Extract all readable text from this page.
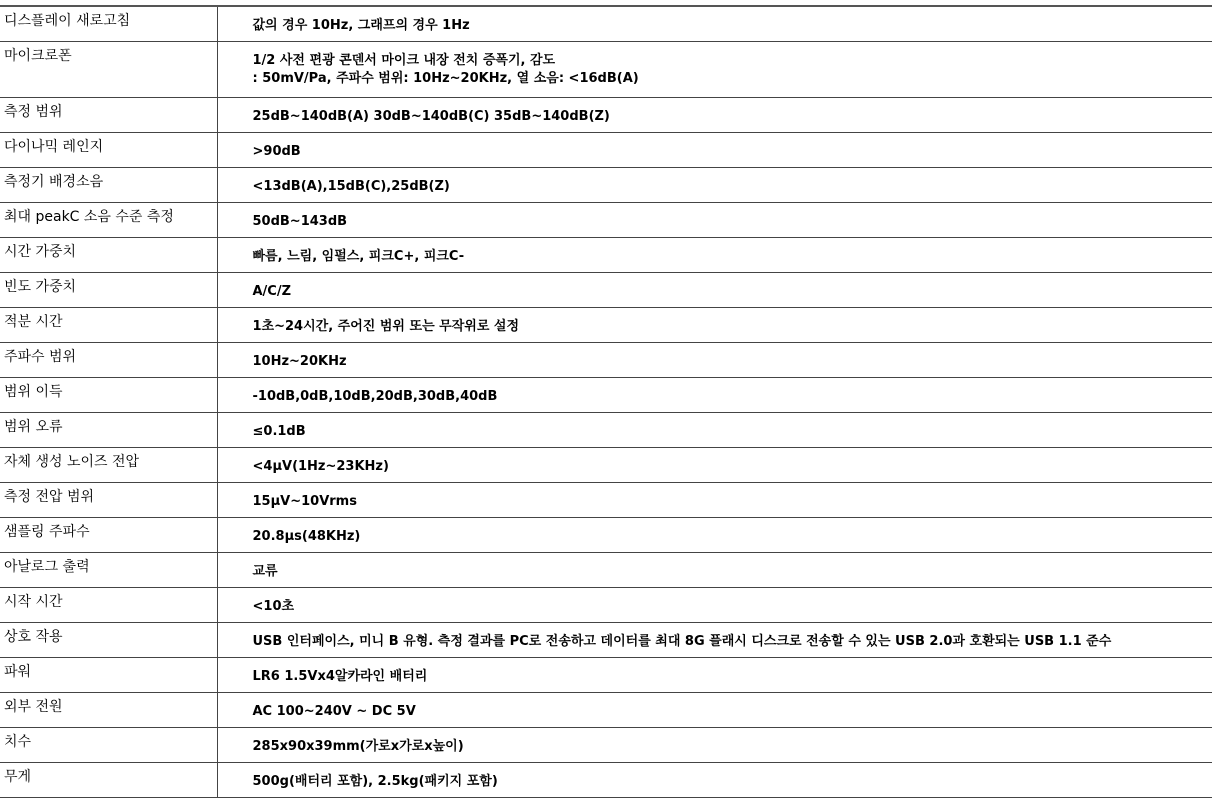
디스플레이 새로고침	값의 경우 10Hz, 그래프의 경우 1Hz
마이크로폰	1/2 사전 편광 콘덴서 마이크 내장 전치 증폭기, 감도
: 50mV/Pa, 주파수 범위: 10Hz~20KHz, 열 소음: <16dB(A)

측정 범위	25dB~140dB(A) 30dB~140dB(C) 35dB~140dB(Z)
다이나믹 레인지	>90dB
측정기 배경소음	<13dB(A),15dB(C),25dB(Z)
최대 peakC 소음 수준 측정	50dB~143dB
시간 가중치	빠름, 느림, 임펄스, 피크C+, 피크C-
빈도 가중치	A/C/Z
적분 시간	1초~24시간, 주어진 범위 또는 무작위로 설정
주파수 범위	10Hz~20KHz
범위 이득	-10dB,0dB,10dB,20dB,30dB,40dB
범위 오류	≤0.1dB
자체 생성 노이즈 전압	<4μV(1Hz~23KHz)
측정 전압 범위	15μV~10Vrms
샘플링 주파수	20.8μs(48KHz)
아날로그 출력	교류
시작 시간	<10초
상호 작용	USB 인터페이스, 미니 B 유형. 측정 결과를 PC로 전송하고 데이터를 최대 8G 플래시 디스크로 전송할 수 있는 USB 2.0과 호환되는 USB 1.1 준수
파워	LR6 1.5Vx4알카라인 배터리
외부 전원	AC 100~240V ~ DC 5V
치수	285x90x39mm(가로x가로x높이)
무게	500g(배터리 포함), 2.5kg(패키지 포함)
